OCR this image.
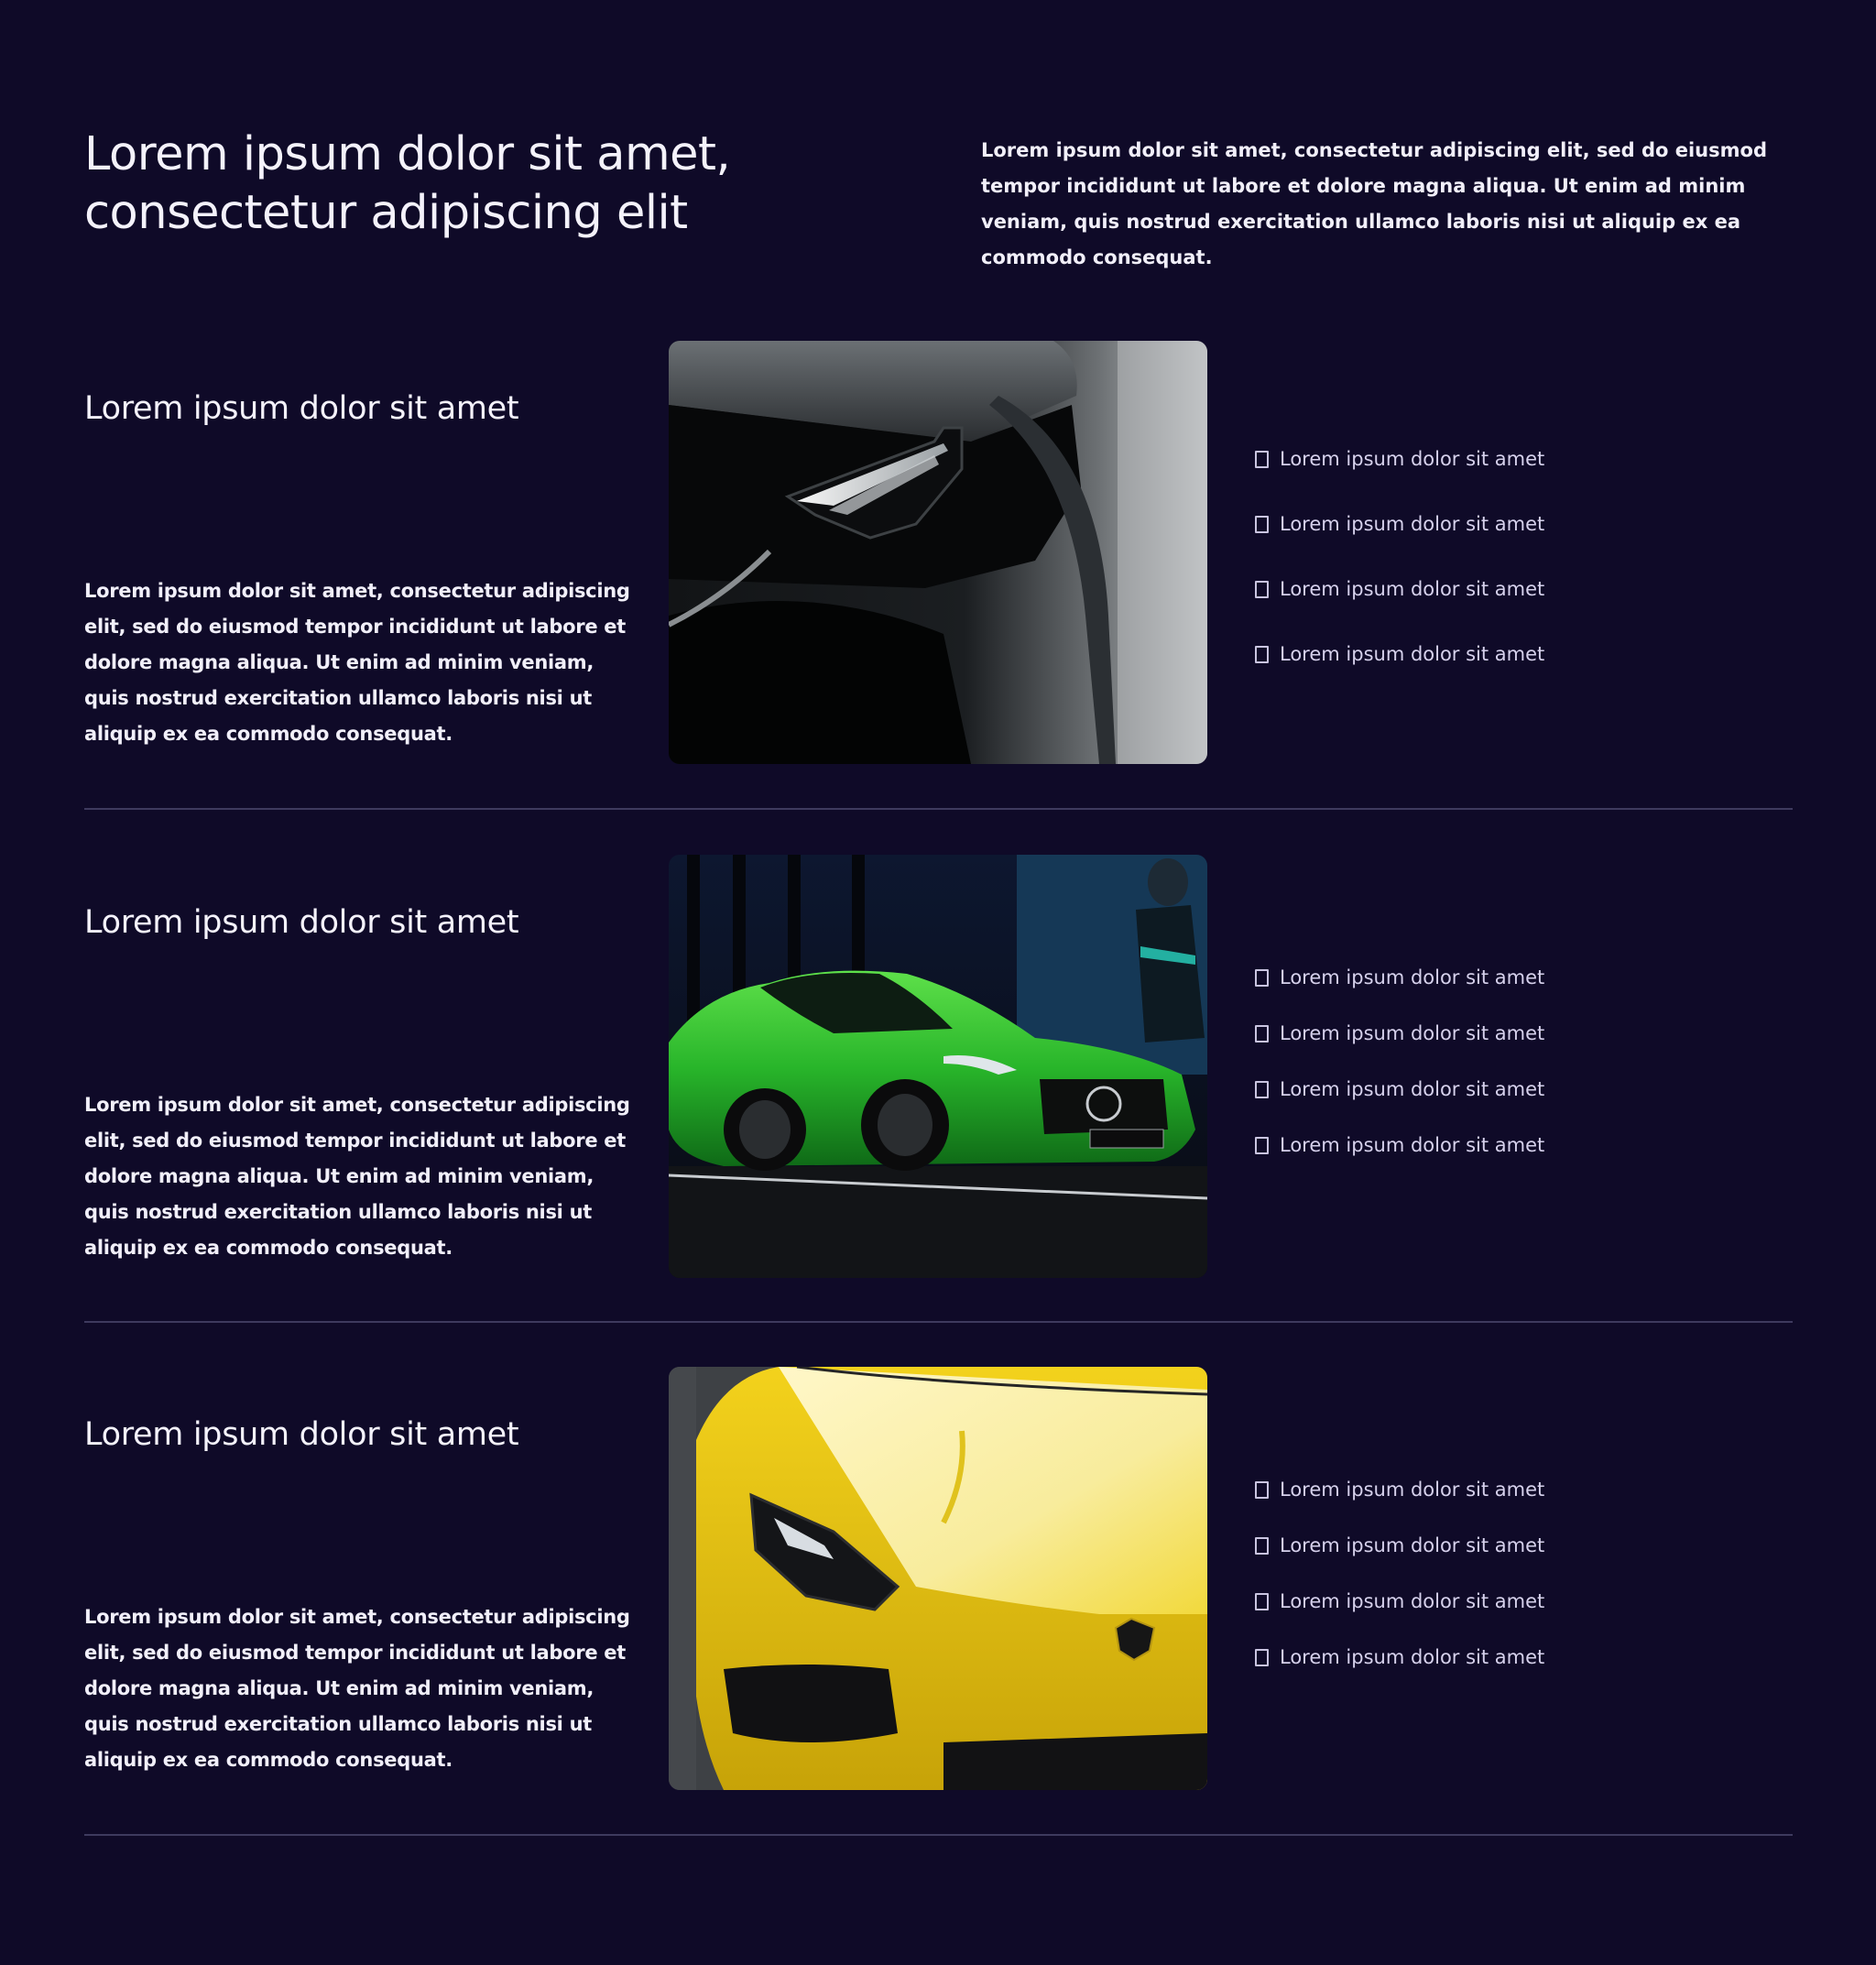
Lorem ipsum dolor sit amet, consectetur adipiscing elit

Lorem ipsum dolor sit amet, consectetur adipiscing elit, sed do eiusmod tempor incididunt ut labore et dolore magna aliqua. Ut enim ad minim veniam, quis nostrud exercitation ullamco laboris nisi ut aliquip ex ea commodo consequat.

Lorem ipsum dolor sit amet

Lorem ipsum dolor sit amet, consectetur adipiscing elit, sed do eiusmod tempor incididunt ut labore et dolore magna aliqua. Ut enim ad minim veniam, quis nostrud exercitation ullamco laboris nisi ut aliquip ex ea commodo consequat.

Lorem ipsum dolor sit amet
Lorem ipsum dolor sit amet
Lorem ipsum dolor sit amet
Lorem ipsum dolor sit amet
Lorem ipsum dolor sit amet

Lorem ipsum dolor sit amet, consectetur adipiscing elit, sed do eiusmod tempor incididunt ut labore et dolore magna aliqua. Ut enim ad minim veniam, quis nostrud exercitation ullamco laboris nisi ut aliquip ex ea commodo consequat.

Lorem ipsum dolor sit amet
Lorem ipsum dolor sit amet
Lorem ipsum dolor sit amet
Lorem ipsum dolor sit amet
Lorem ipsum dolor sit amet

Lorem ipsum dolor sit amet, consectetur adipiscing elit, sed do eiusmod tempor incididunt ut labore et dolore magna aliqua. Ut enim ad minim veniam, quis nostrud exercitation ullamco laboris nisi ut aliquip ex ea commodo consequat.

Lorem ipsum dolor sit amet
Lorem ipsum dolor sit amet
Lorem ipsum dolor sit amet
Lorem ipsum dolor sit amet
